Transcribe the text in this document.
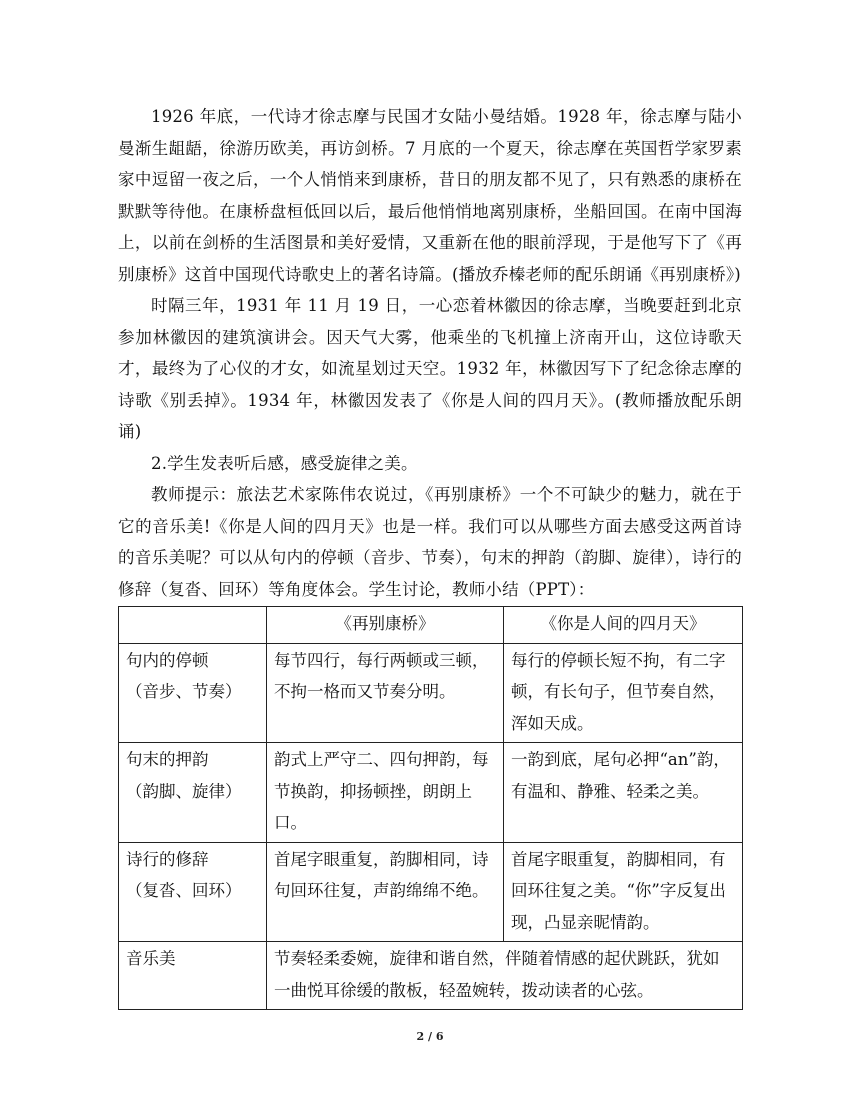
1926 年底，一代诗才徐志摩与民国才女陆小曼结婚。1928 年，徐志摩与陆小曼渐生龃龉，徐游历欧美，再访剑桥。7 月底的一个夏天，徐志摩在英国哲学家罗素家中逗留一夜之后，一个人悄悄来到康桥，昔日的朋友都不见了，只有熟悉的康桥在默默等待他。在康桥盘桓低回以后，最后他悄悄地离别康桥，坐船回国。在南中国海上，以前在剑桥的生活图景和美好爱情，又重新在他的眼前浮现，于是他写下了《再别康桥》这首中国现代诗歌史上的著名诗篇。(播放乔榛老师的配乐朗诵《再别康桥》)

时隔三年，1931 年 11 月 19 日，一心恋着林徽因的徐志摩，当晚要赶到北京参加林徽因的建筑演讲会。因天气大雾，他乘坐的飞机撞上济南开山，这位诗歌天才，最终为了心仪的才女，如流星划过天空。1932 年，林徽因写下了纪念徐志摩的诗歌《别丢掉》。1934 年，林徽因发表了《你是人间的四月天》。(教师播放配乐朗诵)

2.学生发表听后感，感受旋律之美。

教师提示：旅法艺术家陈伟农说过，《再别康桥》一个不可缺少的魅力，就在于它的音乐美!《你是人间的四月天》也是一样。我们可以从哪些方面去感受这两首诗的音乐美呢？可以从句内的停顿（音步、节奏），句末的押韵（韵脚、旋律），诗行的修辞（复沓、回环）等角度体会。学生讨论，教师小结（PPT）：

	《再别康桥》	《你是人间的四月天》

句内的停顿
（音步、节奏）	每节四行，每行两顿或三顿，不拘一格而又节奏分明。	每行的停顿长短不拘，有二字顿，有长句子，但节奏自然，浑如天成。

句末的押韵
（韵脚、旋律）	韵式上严守二、四句押韵，每节换韵，抑扬顿挫，朗朗上口。	一韵到底，尾句必押“an”韵，有温和、静雅、轻柔之美。

诗行的修辞
（复沓、回环）	首尾字眼重复，韵脚相同，诗句回环往复，声韵绵绵不绝。	首尾字眼重复，韵脚相同，有回环往复之美。“你”字反复出现，凸显亲昵情韵。
音乐美	节奏轻柔委婉，旋律和谐自然，伴随着情感的起伏跳跃，犹如一曲悦耳徐缓的散板，轻盈婉转，拨动读者的心弦。	
2 / 6
